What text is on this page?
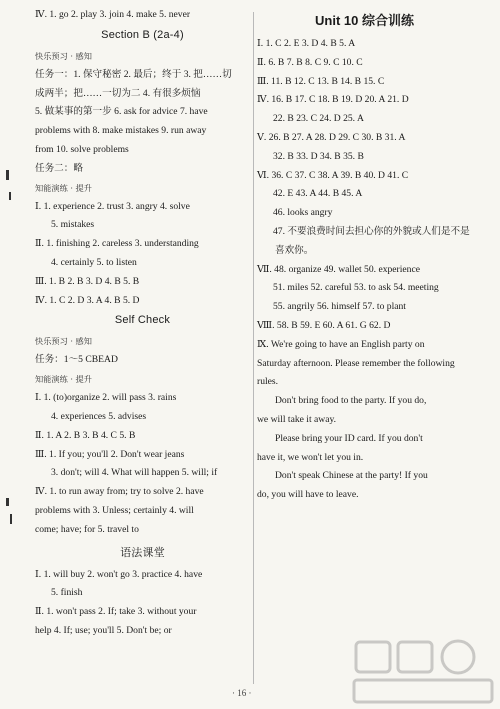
Ⅳ. 1. go 2. play 3. join 4. make 5. never
Section B (2a-4)
快乐预习 · 感知
任务一：1. 保守秘密 2. 最后；终于 3. 把……切
成两半；把……一切为二 4. 有很多烦恼
5. 做某事的第一步 6. ask for advice 7. have
problems with 8. make mistakes 9. run away
from 10. solve problems
任务二：略
知能演练 · 提升
Ⅰ. 1. experience 2. trust 3. angry 4. solve
5. mistakes
Ⅱ. 1. finishing 2. careless 3. understanding
4. certainly 5. to listen
Ⅲ. 1. B 2. B 3. D 4. B 5. B
Ⅳ. 1. C 2. D 3. A 4. B 5. D
Self Check
快乐预习 · 感知
任务：1～5 CBEAD
知能演练 · 提升
Ⅰ. 1. (to)organize 2. will pass 3. rains
4. experiences 5. advises
Ⅱ. 1. A 2. B 3. B 4. C 5. B
Ⅲ. 1. If you; you'll 2. Don't wear jeans
3. don't; will 4. What will happen 5. will; if
Ⅳ. 1. to run away from; try to solve 2. have
problems with 3. Unless; certainly 4. will
come; have; for 5. travel to
语法课堂
Ⅰ. 1. will buy 2. won't go 3. practice 4. have
5. finish
Ⅱ. 1. won't pass 2. If; take 3. without your
help 4. If; use; you'll 5. Don't be; or
Unit 10 综合训练
Ⅰ. 1. C 2. E 3. D 4. B 5. A
Ⅱ. 6. B 7. B 8. C 9. C 10. C
Ⅲ. 11. B 12. C 13. B 14. B 15. C
Ⅳ. 16. B 17. C 18. B 19. D 20. A 21. D
22. B 23. C 24. D 25. A
Ⅴ. 26. B 27. A 28. D 29. C 30. B 31. A
32. B 33. D 34. B 35. B
Ⅵ. 36. C 37. C 38. A 39. B 40. D 41. C
42. E 43. A 44. B 45. A
46. looks angry
47. 不要浪费时间去担心你的外貌或人们是不是
喜欢你。
Ⅶ. 48. organize 49. wallet 50. experience
51. miles 52. careful 53. to ask 54. meeting
55. angrily 56. himself 57. to plant
Ⅷ. 58. B 59. E 60. A 61. G 62. D
Ⅸ. We're going to have an English party on
Saturday afternoon. Please remember the following
rules.
Don't bring food to the party. If you do,
we will take it away.
Please bring your ID card. If you don't
have it, we won't let you in.
Don't speak Chinese at the party! If you
do, you will have to leave.
· 16 ·
